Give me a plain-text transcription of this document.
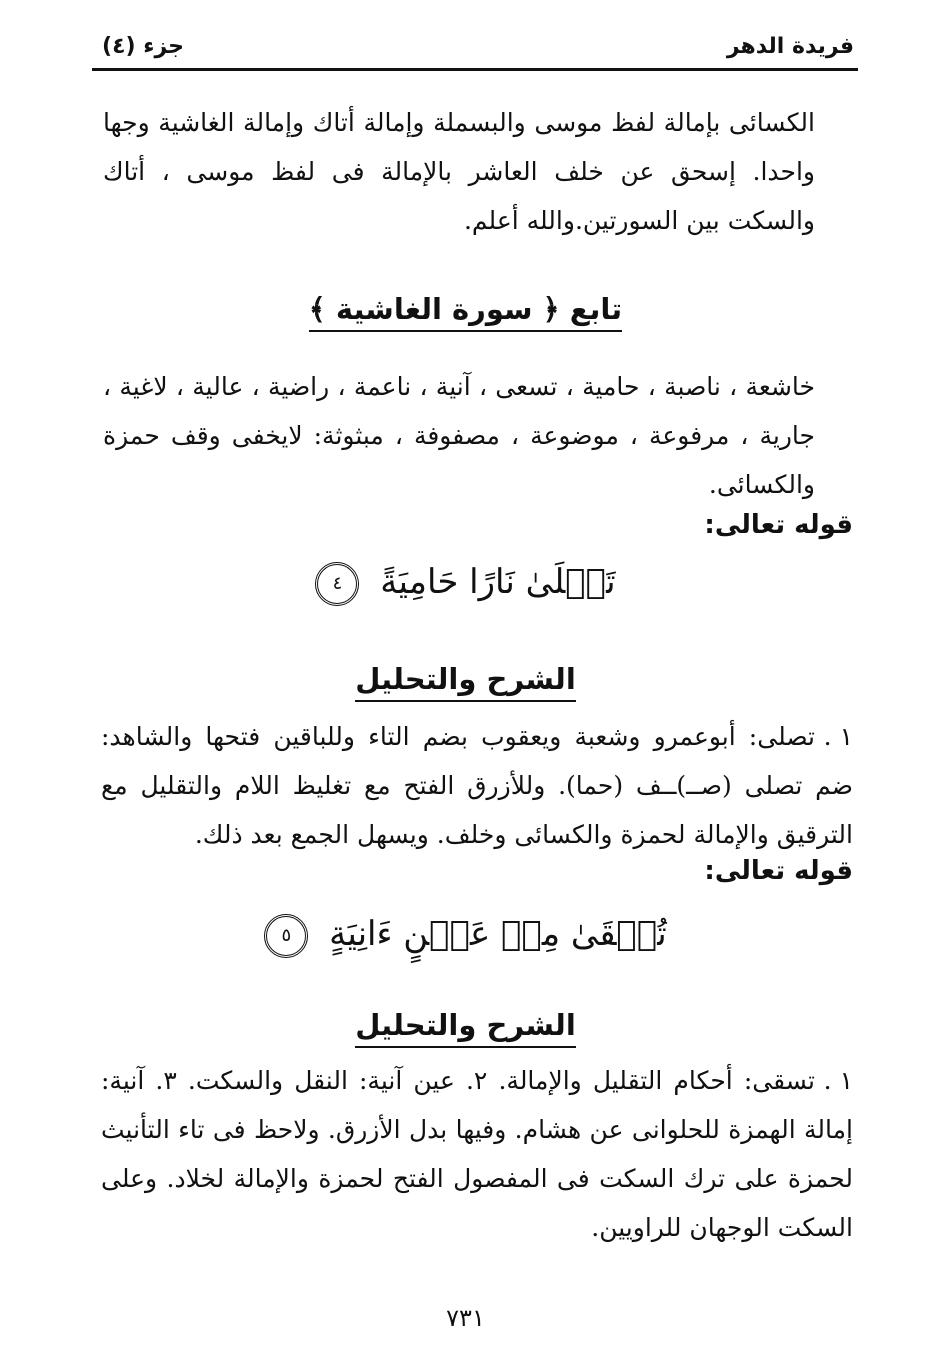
فريدة الدهر
جزء (٤)
الكسائى بإمالة لفظ موسى والبسملة وإمالة أتاك وإمالة الغاشية وجها واحدا. إسحق عن خلف العاشر بالإمالة فى لفظ موسى ، أتاك والسكت بين السورتين.والله أعلم.
تابع ﴿ سورة الغاشية ﴾
خاشعة ، ناصبة ، حامية ، تسعى ، آنية ، ناعمة ، راضية ، عالية ، لاغية ، جارية ، مرفوعة ، موضوعة ، مصفوفة ، مبثوثة: لايخفى وقف حمزة والكسائى.
قوله تعالى:
تَصۡلَىٰ نَارًا حَامِيَةً ٤
الشرح والتحليل
١ .تصلى: أبوعمرو وشعبة ويعقوب بضم التاء وللباقين فتحها والشاهد: ضم تصلى (صــ)ــف (حما). وللأزرق الفتح مع تغليظ اللام والتقليل مع الترقيق والإمالة لحمزة والكسائى وخلف. ويسهل الجمع بعد ذلك.
قوله تعالى:
تُسۡقَىٰ مِنۡ عَيۡنٍ ءَانِيَةٍ ٥
الشرح والتحليل
١ .تسقى: أحكام التقليل والإمالة. ٢. عين آنية: النقل والسكت. ٣. آنية: إمالة الهمزة للحلوانى عن هشام. وفيها بدل الأزرق. ولاحظ فى تاء التأنيث لحمزة على ترك السكت فى المفصول الفتح لحمزة والإمالة لخلاد. وعلى السكت الوجهان للراويين.
٧٣١
